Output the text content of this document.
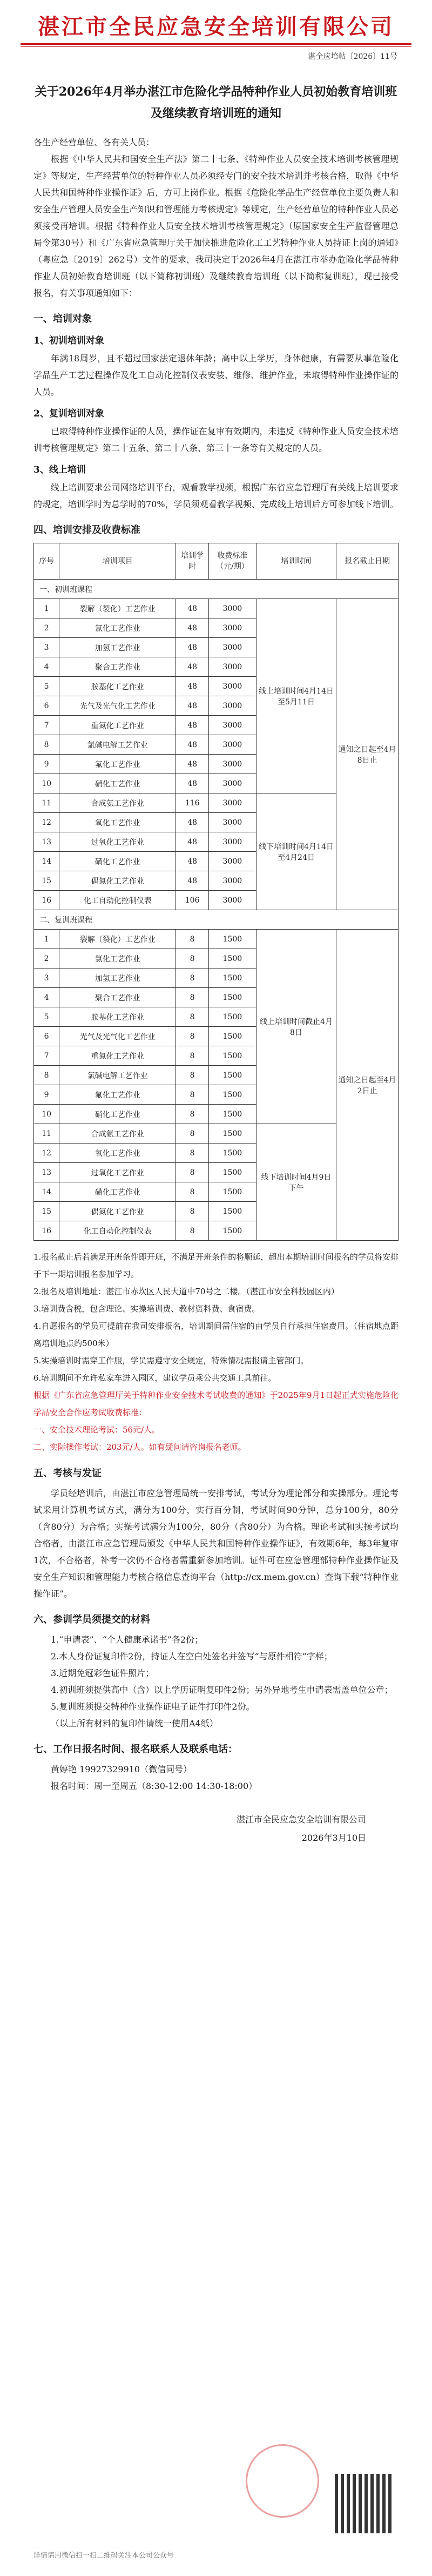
湛江市全民应急安全培训有限公司
湛全应培帖〔2026〕11号
关于2026年4月举办湛江市危险化学品特种作业人员初始教育培训班及继续教育培训班的通知

各生产经营单位、各有关人员：

根据《中华人民共和国安全生产法》第二十七条、《特种作业人员安全技术培训考核管理规定》等规定，生产经营单位的特种作业人员必须经专门的安全技术培训并考核合格，取得《中华人民共和国特种作业操作证》后，方可上岗作业。根据《危险化学品生产经营单位主要负责人和安全生产管理人员安全生产知识和管理能力考核规定》等规定，生产经营单位的特种作业人员必须接受再培训。根据《特种作业人员安全技术培训考核管理规定》（原国家安全生产监督管理总局令第30号）和《广东省应急管理厅关于加快推进危险化工工艺特种作业人员持证上岗的通知》（粤应急〔2019〕262号）文件的要求，我司决定于2026年4月在湛江市举办危险化学品特种作业人员初始教育培训班（以下简称初训班）及继续教育培训班（以下简称复训班），现已接受报名，有关事项通知如下：

一、培训对象
1、初训培训对象

年满18周岁，且不超过国家法定退休年龄；高中以上学历，身体健康，有需要从事危险化学品生产工艺过程操作及化工自动化控制仪表安装、维修、维护作业，未取得特种作业操作证的人员。

2、复训培训对象

已取得特种作业操作证的人员，操作证在复审有效期内，未违反《特种作业人员安全技术培训考核管理规定》第二十五条、第二十八条、第三十一条等有关规定的人员。

3、线上培训

线上培训要求公司网络培训平台，观看教学视频。根据广东省应急管理厅有关线上培训要求的规定，培训学时为总学时的70%，学员须观看教学视频、完成线上培训后方可参加线下培训。

四、培训安排及收费标准
序号	培训项目	培训学时	收费标准（元/期）	培训时间	报名截止日期
一、初训班课程					
1	裂解（裂化）工艺作业	48	3000	线上培训时间4月14日至5月11日	通知之日起至4月8日止
2	氯化工艺作业	48	3000		
3	加氢工艺作业	48	3000		
4	聚合工艺作业	48	3000		
5	胺基化工艺作业	48	3000		
6	光气及光气化工艺作业	48	3000		
7	重氮化工艺作业	48	3000		
8	氯碱电解工艺作业	48	3000		
9	氟化工艺作业	48	3000		
10	硝化工艺作业	48	3000		
11	合成氨工艺作业	116	3000	线下培训时间4月14日至4月24日	
12	氧化工艺作业	48	3000		
13	过氧化工艺作业	48	3000		
14	磺化工艺作业	48	3000		
15	偶氮化工艺作业	48	3000		
16	化工自动化控制仪表	106	3000		
二、复训班课程					
1	裂解（裂化）工艺作业	8	1500	线上培训时间截止4月8日	通知之日起至4月2日止
2	氯化工艺作业	8	1500		
3	加氢工艺作业	8	1500		
4	聚合工艺作业	8	1500		
5	胺基化工艺作业	8	1500		
6	光气及光气化工艺作业	8	1500		
7	重氮化工艺作业	8	1500		
8	氯碱电解工艺作业	8	1500		
9	氟化工艺作业	8	1500		
10	硝化工艺作业	8	1500		
11	合成氨工艺作业	8	1500	线下培训时间4月9日下午	
12	氧化工艺作业	8	1500		
13	过氧化工艺作业	8	1500		
14	磺化工艺作业	8	1500		
15	偶氮化工艺作业	8	1500		
16	化工自动化控制仪表	8	1500		

1.报名截止后若满足开班条件即开班，不满足开班条件的将顺延，超出本期培训时间报名的学员将安排于下一期培训报名参加学习。

2.报名及培训地址：湛江市赤坎区人民大道中70号之二楼。（湛江市安全科技园区内）

3.培训费含税，包含理论、实操培训费、教材资料费、食宿费。

4.自愿报名的学员可提前在我司安排报名，培训期间需住宿的由学员自行承担住宿费用。（住宿地点距离培训地点约500米）

5.实操培训时需穿工作服，学员需遵守安全规定，特殊情况需报请主管部门。

6.培训期间不允许私家车进入园区，建议学员乘公共交通工具前往。

根据《广东省应急管理厅关于特种作业安全技术考试收费的通知》于2025年9月1日起正式实施危险化学品安全合作应考试收费标准：

一、安全技术理论考试：56元/人。

二、实际操作考试：203元/人。如有疑问请咨询报名老师。

五、考核与发证

学员经培训后，由湛江市应急管理局统一安排考试，考试分为理论部分和实操部分。理论考试采用计算机考试方式，满分为100分，实行百分制，考试时间90分钟，总分100分，80分（含80分）为合格；实操考试满分为100分，80分（含80分）为合格。理论考试和实操考试均合格者，由湛江市应急管理局颁发《中华人民共和国特种作业操作证》，有效期6年，每3年复审1次，不合格者，补考一次仍不合格者需重新参加培训。证件可在应急管理部特种作业操作证及安全生产知识和管理能力考核合格信息查询平台（http://cx.mem.gov.cn）查询下载“特种作业操作证”。

六、参训学员须提交的材料

1.“申请表”、“个人健康承诺书”各2份；

2.本人身份证复印件2份，持证人在空白处签名并签写“与原件相符”字样；

3.近期免冠彩色证件照片；

4.初训班须提供高中（含）以上学历证明复印件2份；另外异地考生申请表需盖单位公章；

5.复训班须提交特种作业操作证电子证件打印件2份。

（以上所有材料的复印件请统一使用A4纸）

七、工作日报名时间、报名联系人及联系电话：

黄婷艳 19927329910（微信同号）

报名时间：周一至周五（8:30-12:00 14:30-18:00）

湛江市全民应急安全培训有限公司
2026年3月10日
详情请用微信扫一扫二维码关注本公司公众号
